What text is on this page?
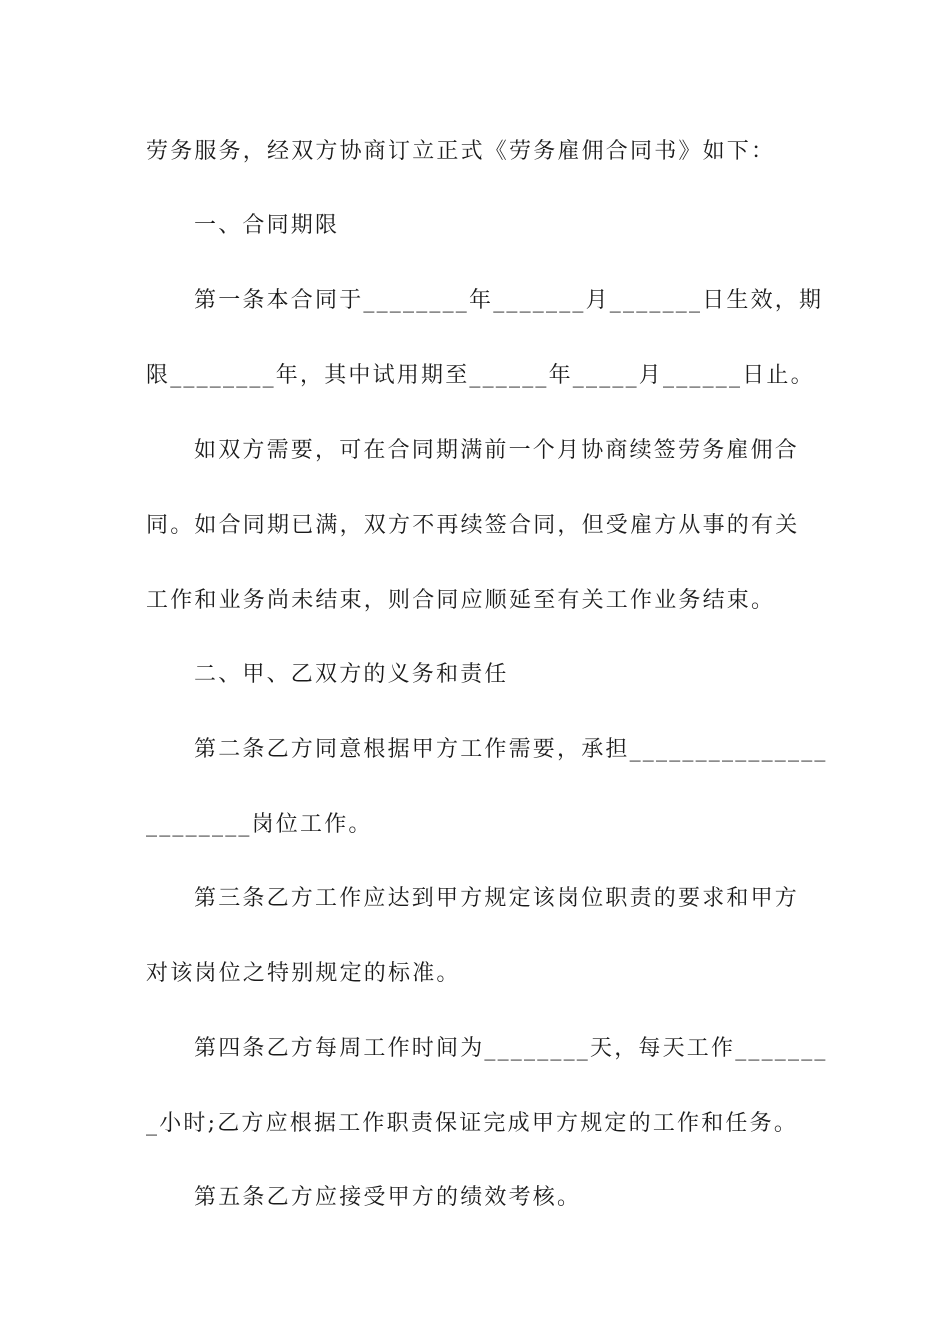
劳务服务，经双方协商订立正式《劳务雇佣合同书》如下：
一、合同期限
第一条本合同于________年_______月_______日生效，期
限________年，其中试用期至______年_____月______日止。
如双方需要，可在合同期满前一个月协商续签劳务雇佣合
同。如合同期已满，双方不再续签合同，但受雇方从事的有关
工作和业务尚未结束，则合同应顺延至有关工作业务结束。
二、甲、乙双方的义务和责任
第二条乙方同意根据甲方工作需要，承担_______________
________岗位工作。
第三条乙方工作应达到甲方规定该岗位职责的要求和甲方
对该岗位之特别规定的标准。
第四条乙方每周工作时间为________天，每天工作_______
_小时;乙方应根据工作职责保证完成甲方规定的工作和任务。
第五条乙方应接受甲方的绩效考核。
